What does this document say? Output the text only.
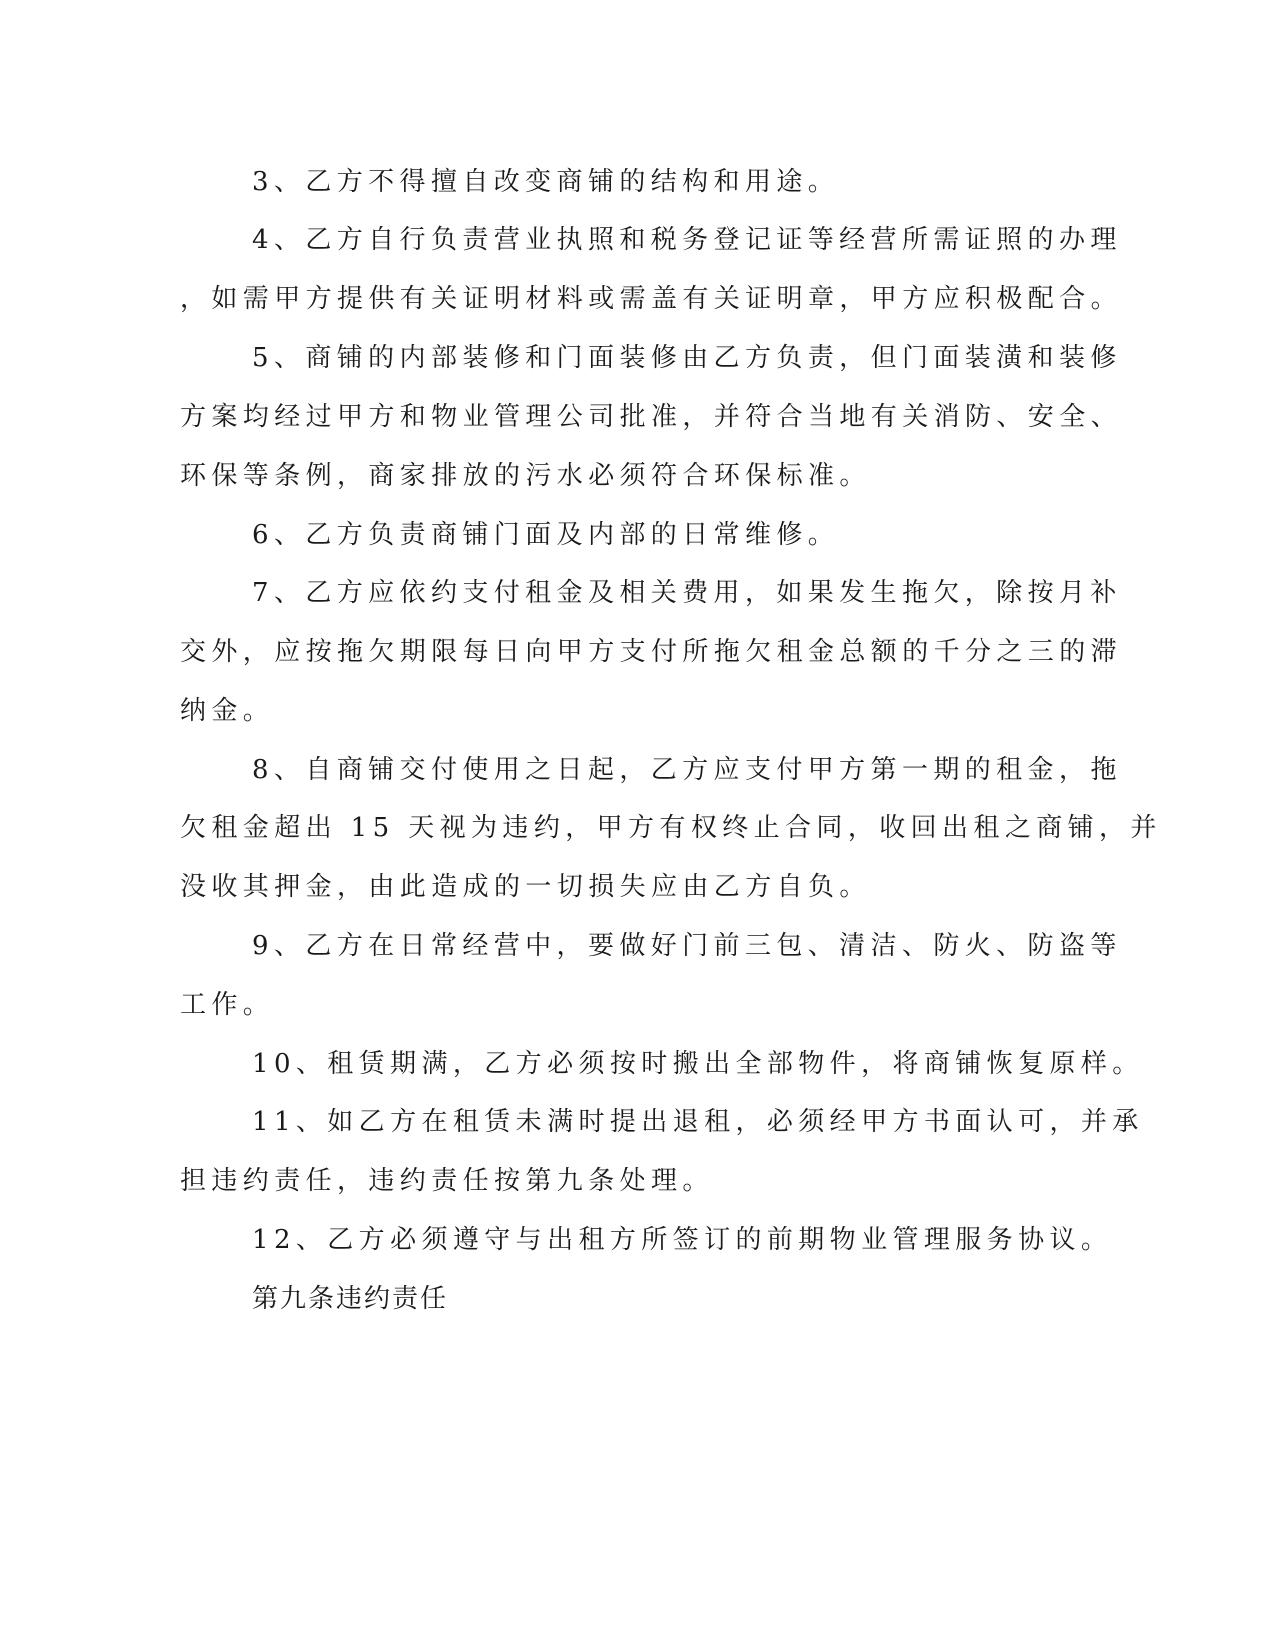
3、乙方不得擅自改变商铺的结构和用途。
4、乙方自行负责营业执照和税务登记证等经营所需证照的办理
，如需甲方提供有关证明材料或需盖有关证明章，甲方应积极配合。
5、商铺的内部装修和门面装修由乙方负责，但门面装潢和装修
方案均经过甲方和物业管理公司批准，并符合当地有关消防、安全、
环保等条例，商家排放的污水必须符合环保标准。
6、乙方负责商铺门面及内部的日常维修。
7、乙方应依约支付租金及相关费用，如果发生拖欠，除按月补
交外，应按拖欠期限每日向甲方支付所拖欠租金总额的千分之三的滞
纳金。
8、自商铺交付使用之日起，乙方应支付甲方第一期的租金，拖
欠租金超出 15 天视为违约，甲方有权终止合同，收回出租之商铺，并
没收其押金，由此造成的一切损失应由乙方自负。
9、乙方在日常经营中，要做好门前三包、清洁、防火、防盗等
工作。
10、租赁期满，乙方必须按时搬出全部物件，将商铺恢复原样。
11、如乙方在租赁未满时提出退租，必须经甲方书面认可，并承
担违约责任，违约责任按第九条处理。
12、乙方必须遵守与出租方所签订的前期物业管理服务协议。
第九条违约责任
